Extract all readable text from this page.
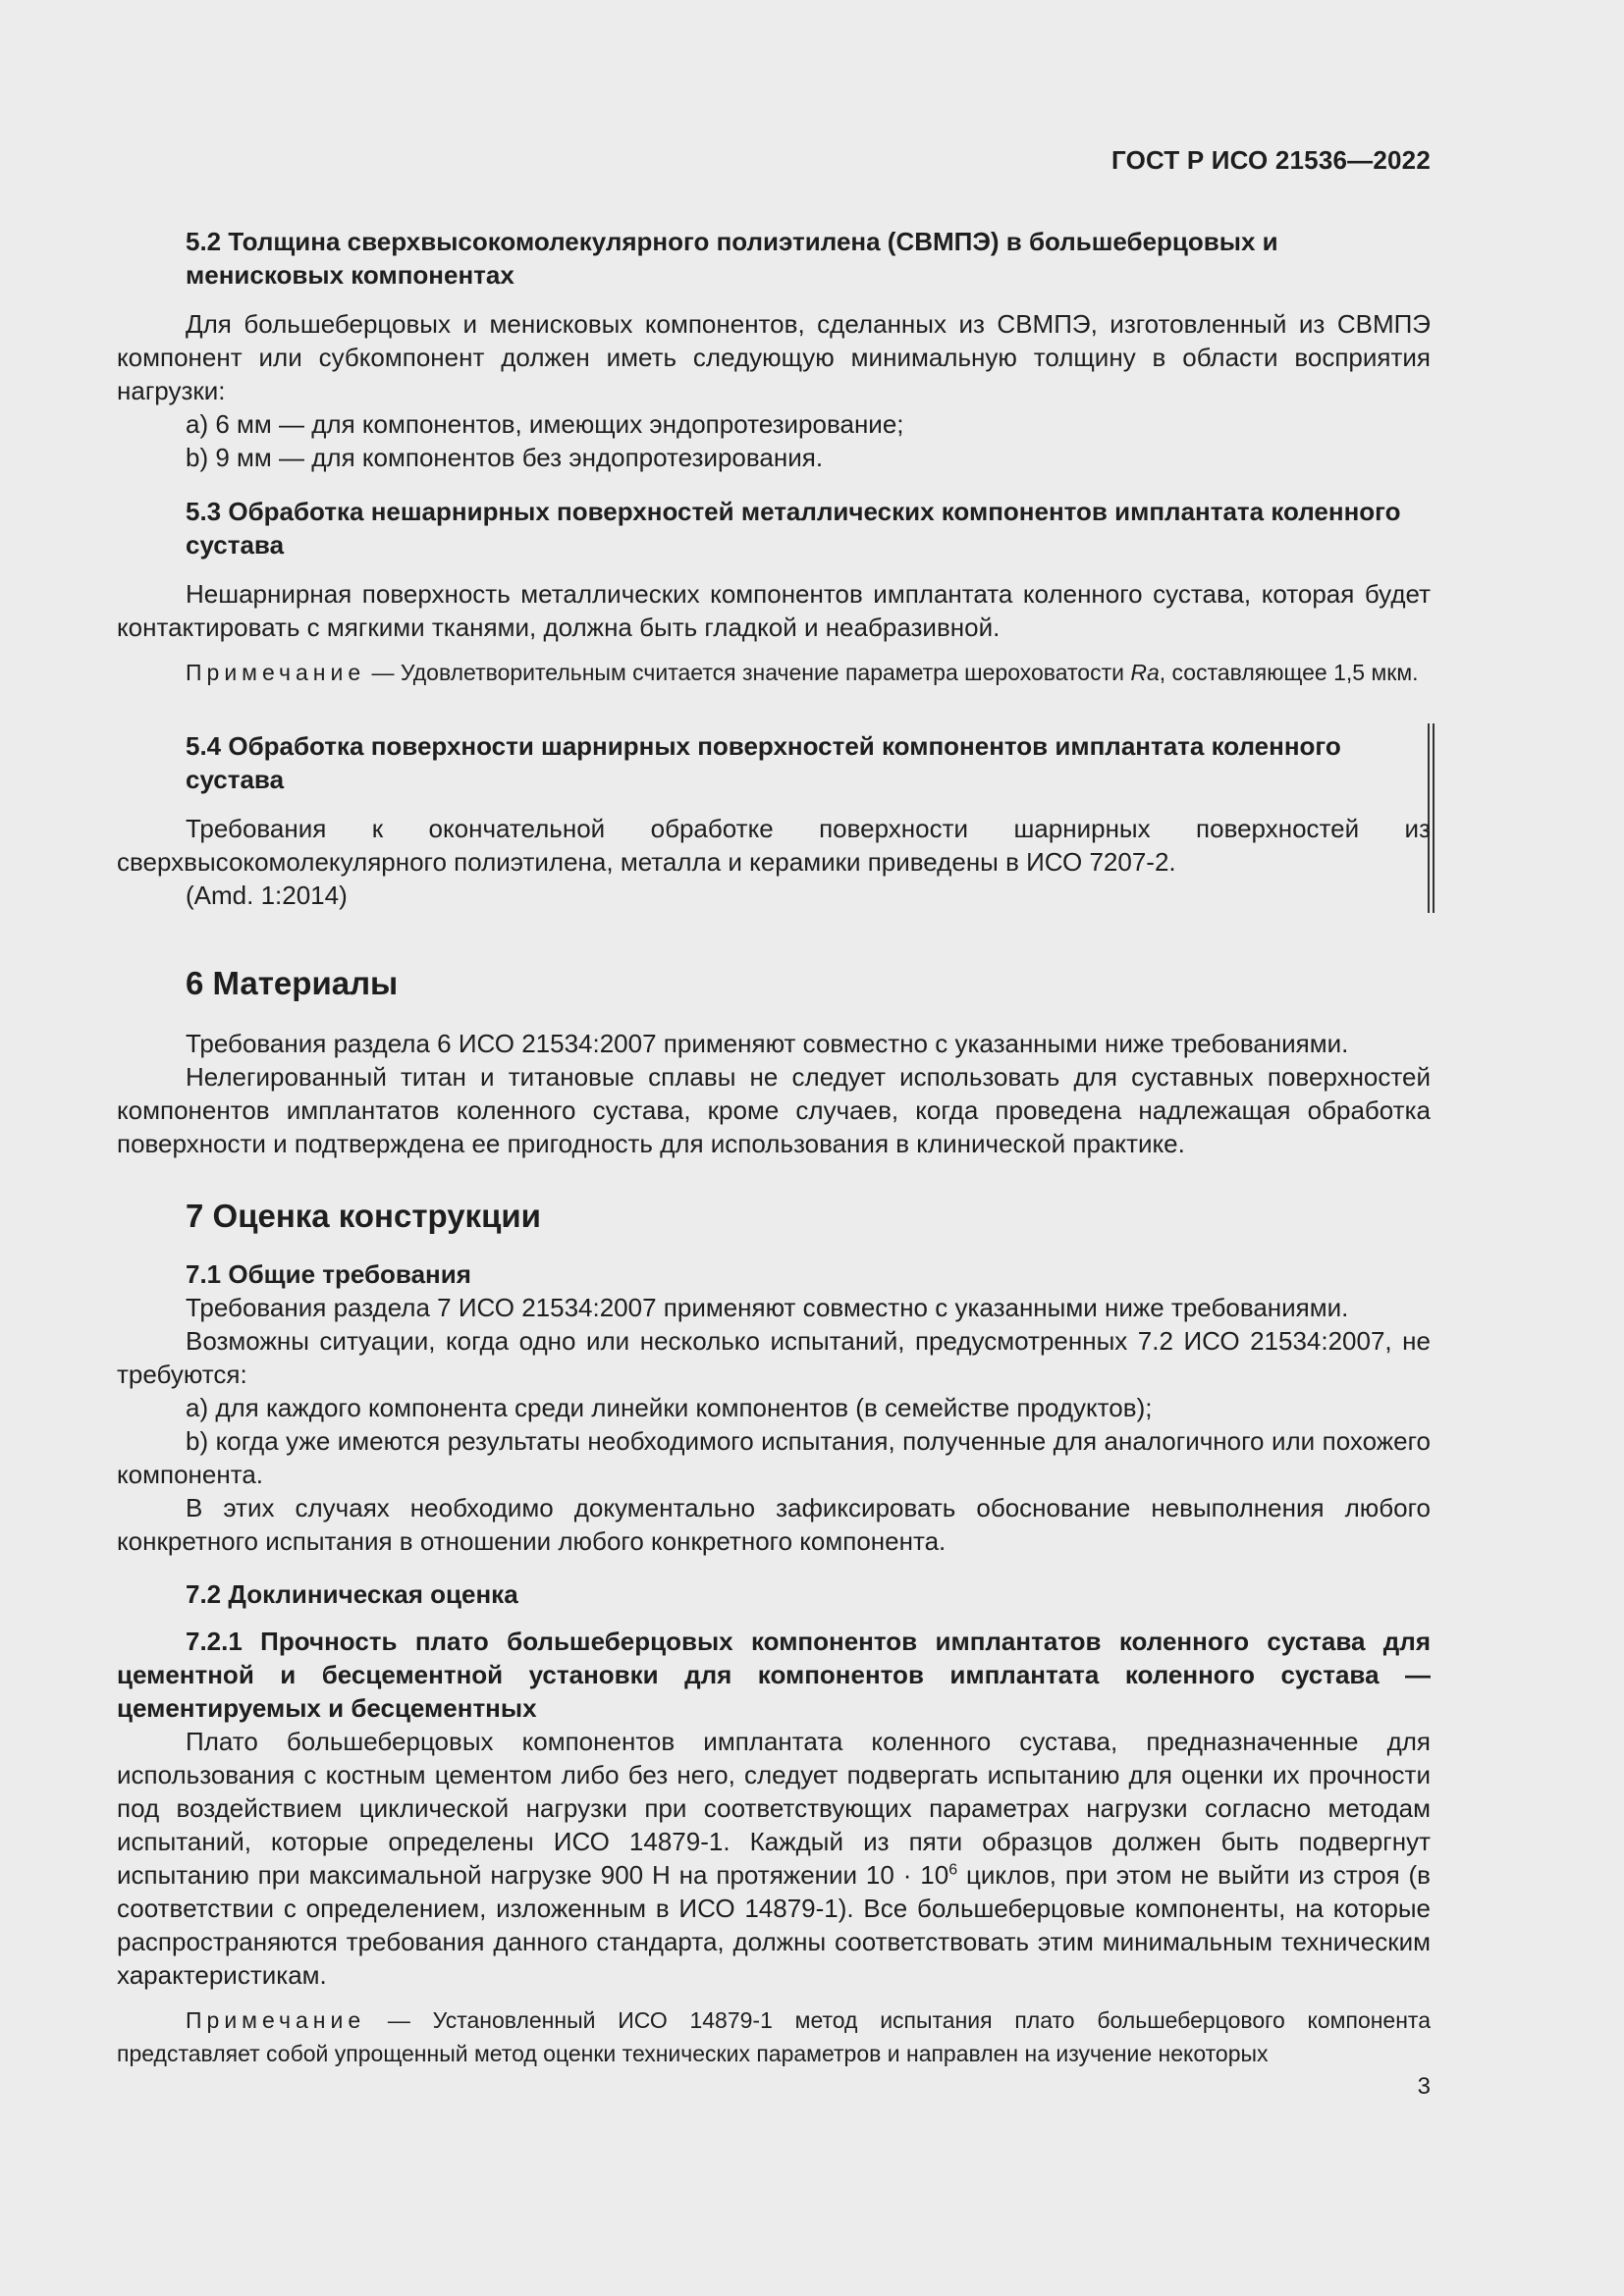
ГОСТ Р ИСО 21536—2022

5.2 Толщина сверхвысокомолекулярного полиэтилена (СВМПЭ) в большеберцовых и менисковых компонентах

Для большеберцовых и менисковых компонентов, сделанных из СВМПЭ, изготовленный из СВМПЭ компонент или субкомпонент должен иметь следующую минимальную толщину в области восприятия нагрузки:

a) 6 мм — для компонентов, имеющих эндопротезирование;

b) 9 мм — для компонентов без эндопротезирования.

5.3 Обработка нешарнирных поверхностей металлических компонентов имплантата коленного сустава

Нешарнирная поверхность металлических компонентов имплантата коленного сустава, которая будет контактировать с мягкими тканями, должна быть гладкой и неабразивной.

Примечание — Удовлетворительным считается значение параметра шероховатости Ra, составляющее 1,5 мкм.

5.4 Обработка поверхности шарнирных поверхностей компонентов имплантата коленного сустава

Требования к окончательной обработке поверхности шарнирных поверхностей из сверхвысокомолекулярного полиэтилена, металла и керамики приведены в ИСО 7207-2.

(Amd. 1:2014)

6 Материалы

Требования раздела 6 ИСО 21534:2007 применяют совместно с указанными ниже требованиями.

Нелегированный титан и титановые сплавы не следует использовать для суставных поверхностей компонентов имплантатов коленного сустава, кроме случаев, когда проведена надлежащая обработка поверхности и подтверждена ее пригодность для использования в клинической практике.

7 Оценка конструкции

7.1 Общие требования

Требования раздела 7 ИСО 21534:2007 применяют совместно с указанными ниже требованиями.

Возможны ситуации, когда одно или несколько испытаний, предусмотренных 7.2 ИСО 21534:2007, не требуются:

a) для каждого компонента среди линейки компонентов (в семействе продуктов);

b) когда уже имеются результаты необходимого испытания, полученные для аналогичного или похожего компонента.

В этих случаях необходимо документально зафиксировать обоснование невыполнения любого конкретного испытания в отношении любого конкретного компонента.

7.2 Доклиническая оценка

7.2.1 Прочность плато большеберцовых компонентов имплантатов коленного сустава для цементной и бесцементной установки для компонентов имплантата коленного сустава — цементируемых и бесцементных

Плато большеберцовых компонентов имплантата коленного сустава, предназначенные для использования с костным цементом либо без него, следует подвергать испытанию для оценки их прочности под воздействием циклической нагрузки при соответствующих параметрах нагрузки согласно методам испытаний, которые определены ИСО 14879-1. Каждый из пяти образцов должен быть подвергнут испытанию при максимальной нагрузке 900 Н на протяжении $10 \cdot 10^6$ циклов, при этом не выйти из строя (в соответствии с определением, изложенным в ИСО 14879-1). Все большеберцовые компоненты, на которые распространяются требования данного стандарта, должны соответствовать этим минимальным техническим характеристикам.

Примечание — Установленный ИСО 14879-1 метод испытания плато большеберцового компонента представляет собой упрощенный метод оценки технических параметров и направлен на изучение некоторых

3
